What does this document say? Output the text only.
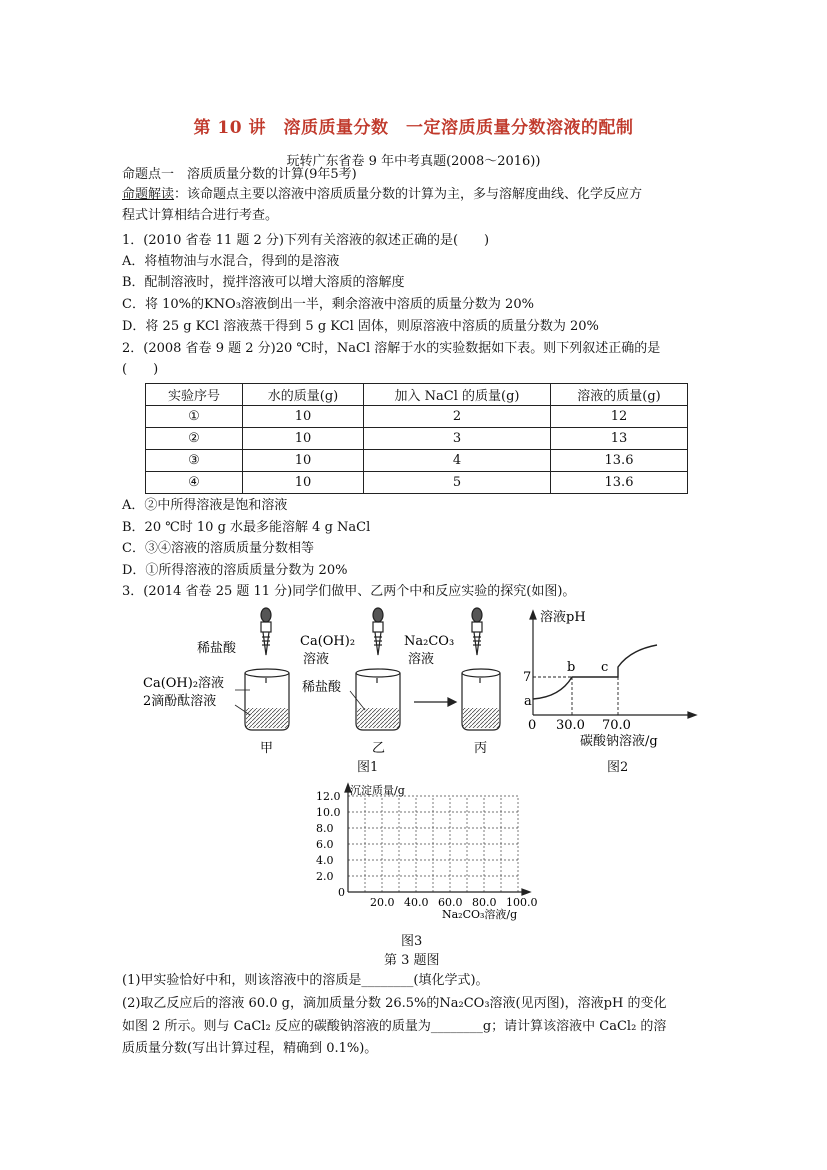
第 10 讲　溶质质量分数　一定溶质质量分数溶液的配制
玩转广东省卷 9 年中考真题(2008～2016))
命题点一　溶质质量分数的计算(9年5考)
命题解读：该命题点主要以溶液中溶质质量分数的计算为主，多与溶解度曲线、化学反应方
程式计算相结合进行考查。
1．(2010 省卷 11 题 2 分)下列有关溶液的叙述正确的是(　　)
A．将植物油与水混合，得到的是溶液
B．配制溶液时，搅拌溶液可以增大溶质的溶解度
C．将 10%的KNO₃溶液倒出一半，剩余溶液中溶质的质量分数为 20%
D．将 25 g KCl 溶液蒸干得到 5 g KCl 固体，则原溶液中溶质的质量分数为 20%
2．(2008 省卷 9 题 2 分)20 ℃时，NaCl 溶解于水的实验数据如下表。则下列叙述正确的是
(　　)
实验序号	水的质量(g)	加入 NaCl 的质量(g)	溶液的质量(g)
①	10	2	12
②	10	3	13
③	10	4	13.6
④	10	5	13.6
A．②中所得溶液是饱和溶液
B．20 ℃时 10 g 水最多能溶解 4 g NaCl
C．③④溶液的溶质质量分数相等
D．①所得溶液的溶质质量分数为 20%
3．(2014 省卷 25 题 11 分)同学们做甲、乙两个中和反应实验的探究(如图)。
稀盐酸	Ca(OH)₂
溶液
Na₂CO₃
溶液
Ca(OH)₂溶液
2滴酚酞溶液
稀盐酸
甲	乙	丙
图1
溶液pH
7
a
b c
0 30.0 70.0
碳酸钠溶液/g
图2
沉淀质量/g
12.0
10.0
8.0
6.0
4.0
2.0
0
20.0 40.0 60.0 80.0 100.0
Na₂CO₃溶液/g
图3
第 3 题图
(1)甲实验恰好中和，则该溶液中的溶质是________(填化学式)。
(2)取乙反应后的溶液 60.0 g，滴加质量分数 26.5%的Na₂CO₃溶液(见丙图)，溶液pH 的变化
如图 2 所示。则与 CaCl₂ 反应的碳酸钠溶液的质量为________g；请计算该溶液中 CaCl₂ 的溶
质质量分数(写出计算过程，精确到 0.1%)。
